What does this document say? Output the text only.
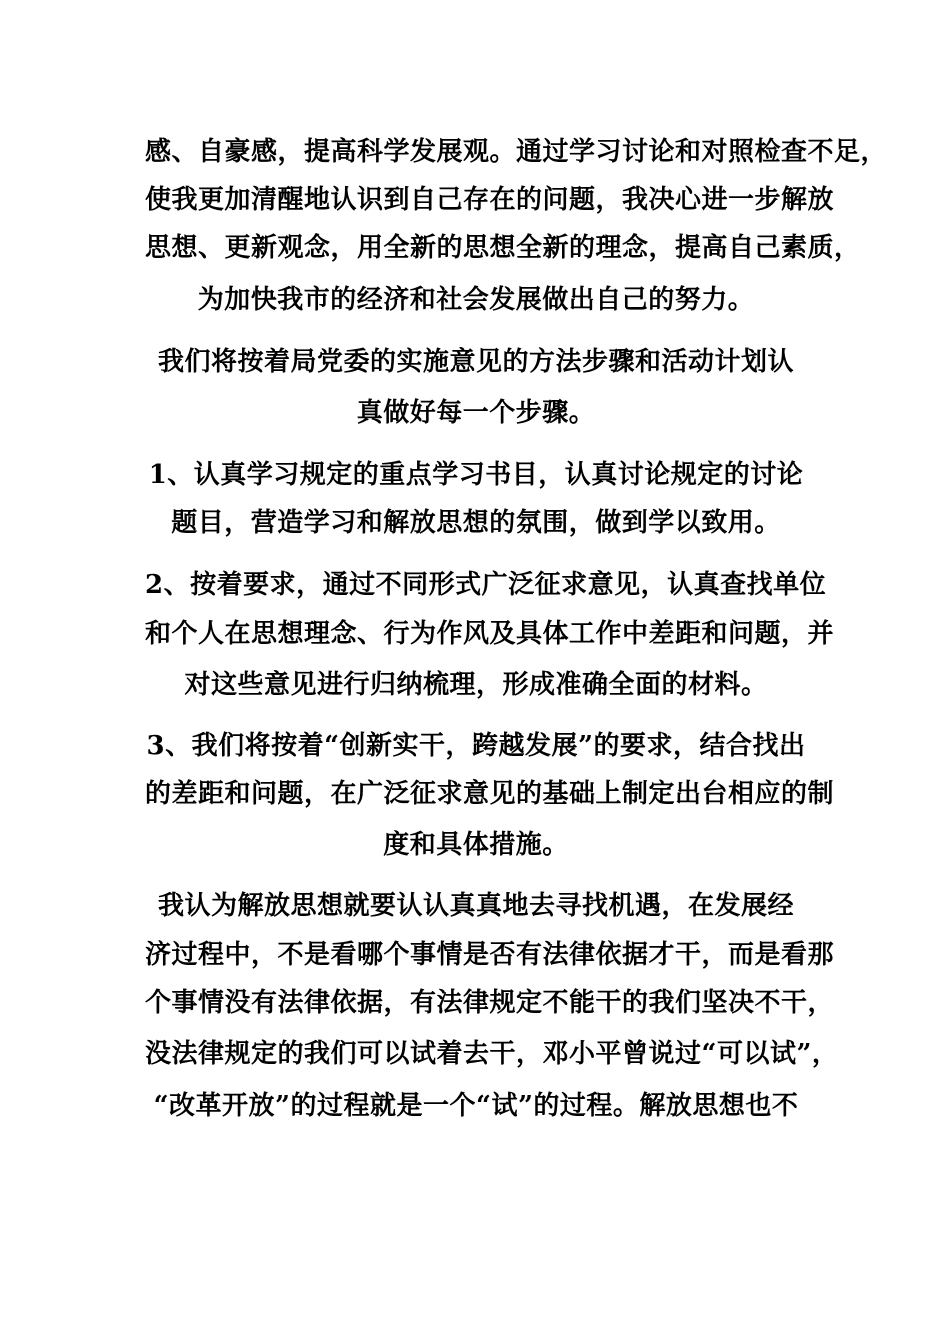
感、自豪感，提高科学发展观。通过学习讨论和对照检查不足，
使我更加清醒地认识到自己存在的问题，我决心进一步解放
思想、更新观念，用全新的思想全新的理念，提高自己素质，
为加快我市的经济和社会发展做出自己的努力。
我们将按着局党委的实施意见的方法步骤和活动计划认
真做好每一个步骤。
1、认真学习规定的重点学习书目，认真讨论规定的讨论
题目，营造学习和解放思想的氛围，做到学以致用。
2、按着要求，通过不同形式广泛征求意见，认真查找单位
和个人在思想理念、行为作风及具体工作中差距和问题，并
对这些意见进行归纳梳理，形成准确全面的材料。
3、我们将按着“创新实干，跨越发展”的要求，结合找出
的差距和问题，在广泛征求意见的基础上制定出台相应的制
度和具体措施。
我认为解放思想就要认认真真地去寻找机遇，在发展经
济过程中，不是看哪个事情是否有法律依据才干，而是看那
个事情没有法律依据，有法律规定不能干的我们坚决不干，
没法律规定的我们可以试着去干，邓小平曾说过“可以试”，
“改革开放”的过程就是一个“试”的过程。解放思想也不
